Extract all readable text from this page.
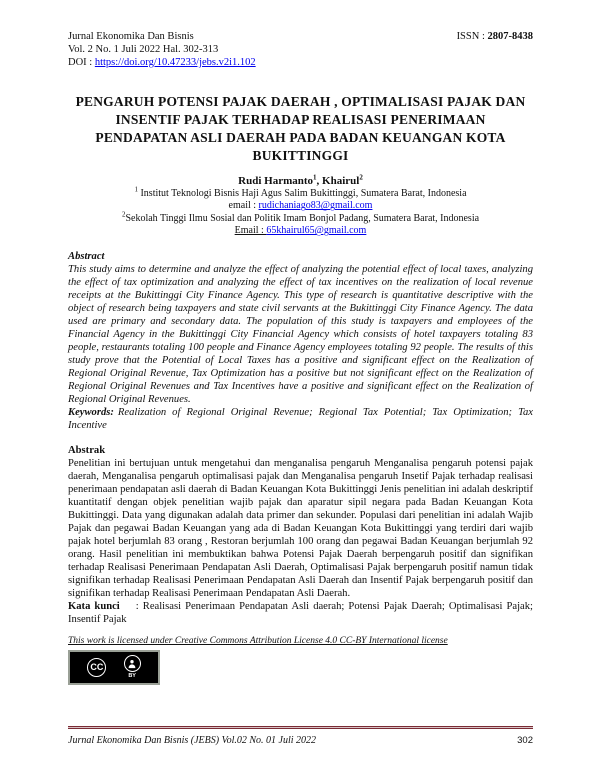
Jurnal Ekonomika Dan Bisnis
Vol. 2 No. 1 Juli 2022 Hal. 302-313
DOI : https://doi.org/10.47233/jebs.v2i1.102
ISSN : 2807-8438
PENGARUH POTENSI PAJAK DAERAH , OPTIMALISASI PAJAK DAN INSENTIF PAJAK TERHADAP REALISASI PENERIMAAN PENDAPATAN ASLI DAERAH PADA BADAN KEUANGAN KOTA BUKITTINGGI
Rudi Harmanto$^1$, Khairul$^2$
$^1$ Institut Teknologi Bisnis Haji Agus Salim Bukittinggi, Sumatera Barat, Indonesia
email : rudichaniago83@gmail.com
$^2$Sekolah Tinggi Ilmu Sosial dan Politik Imam Bonjol Padang, Sumatera Barat, Indonesia
Email : 65khairul65@gmail.com
Abstract

This study aims to determine and analyze the effect of analyzing the potential effect of local taxes, analyzing the effect of tax optimization and analyzing the effect of tax incentives on the realization of local revenue receipts at the Bukittinggi City Finance Agency. This type of research is quantitative descriptive with the object of research being taxpayers and state civil servants at the Bukittinggi City Finance Agency. The data used are primary and secondary data. The population of this study is taxpayers and employees of the Financial Agency in the Bukittinggi City Financial Agency which consists of hotel taxpayers totaling 83 people, restaurants totaling 100 people and Finance Agency employees totaling 92 people. The results of this study prove that the Potential of Local Taxes has a positive and significant effect on the Realization of Regional Original Revenue, Tax Optimization has a positive but not significant effect on the Realization of Regional Original Revenues and Tax Incentives have a positive and significant effect on the Realization of Regional Original Revenues.

Keywords: Realization of Regional Original Revenue; Regional Tax Potential; Tax Optimization; Tax Incentive

Abstrak

Penelitian ini bertujuan untuk mengetahui dan menganalisa pengaruh Menganalisa pengaruh potensi pajak daerah, Menganalisa pengaruh optimalisasi pajak dan Menganalisa pengaruh Insetif Pajak terhadap realisasi penerimaan pendapatan asli daerah di Badan Keuangan Kota Bukittinggi Jenis penelitian ini adalah deskriptif kuantitatif dengan objek penelitian wajib pajak dan aparatur sipil negara pada Badan Keuangan Kota Bukittinggi. Data yang digunakan adalah data primer dan sekunder. Populasi dari penelitian ini adalah Wajib Pajak dan pegawai Badan Keuangan yang ada di Badan Keuangan Kota Bukittinggi yang terdiri dari wajib pajak hotel berjumlah 83 orang , Restoran berjumlah 100 orang dan pegawai Badan Keuangan berjumlah 92 orang. Hasil penelitian ini membuktikan bahwa Potensi Pajak Daerah berpengaruh positif dan signifikan terhadap Realisasi Penerimaan Pendapatan Asli Daerah, Optimalisasi Pajak berpengaruh positif namun tidak signifikan terhadap Realisasi Penerimaan Pendapatan Asli Daerah dan Insentif Pajak berpengaruh positif dan signifikan terhadap Realisasi Penerimaan Pendapatan Asli Daerah.

Kata kunci : Realisasi Penerimaan Pendapatan Asli daerah; Potensi Pajak Daerah; Optimalisasi Pajak; Insentif Pajak

This work is licensed under Creative Commons Attribution License 4.0 CC-BY International license
CC
BY
Jurnal Ekonomika Dan Bisnis (JEBS) Vol.02 No. 01 Juli 2022	302
